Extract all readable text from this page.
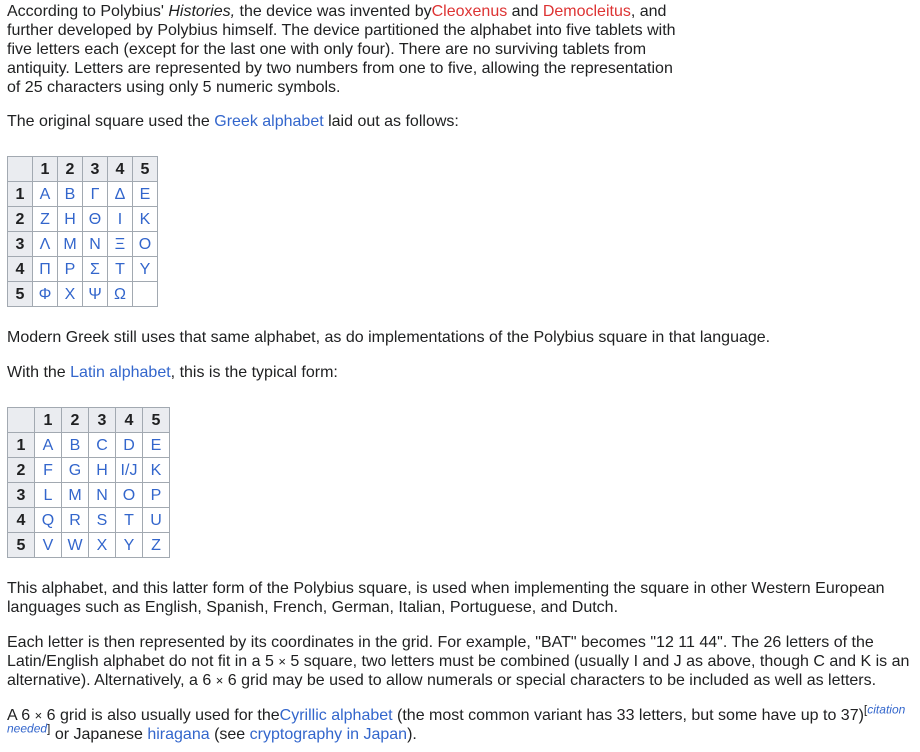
According to Polybius' Histories, the device was invented byCleoxenus and Democleitus, and further developed by Polybius himself. The device partitioned the alphabet into five tablets with five letters each (except for the last one with only four). There are no surviving tablets from antiquity. Letters are represented by two numbers from one to five, allowing the representation of 25 characters using only 5 numeric symbols.

The original square used the Greek alphabet laid out as follows:

	1	2	3	4	5
1	Α	Β	Γ	Δ	Ε
2	Ζ	Η	Θ	Ι	Κ
3	Λ	Μ	Ν	Ξ	Ο
4	Π	Ρ	Σ	Τ	Υ
5	Φ	Χ	Ψ	Ω	

Modern Greek still uses that same alphabet, as do implementations of the Polybius square in that language.

With the Latin alphabet, this is the typical form:

	1	2	3	4	5
1	A	B	C	D	E
2	F	G	H	I/J	K
3	L	M	N	O	P
4	Q	R	S	T	U
5	V	W	X	Y	Z

This alphabet, and this latter form of the Polybius square, is used when implementing the square in other Western European languages such as English, Spanish, French, German, Italian, Portuguese, and Dutch.

Each letter is then represented by its coordinates in the grid. For example, "BAT" becomes "12 11 44". The 26 letters of the Latin/English alphabet do not fit in a 5 × 5 square, two letters must be combined (usually I and J as above, though C and K is an alternative). Alternatively, a 6 × 6 grid may be used to allow numerals or special characters to be included as well as letters.

A 6 × 6 grid is also usually used for theCyrillic alphabet (the most common variant has 33 letters, but some have up to 37)[citation needed] or Japanese hiragana (see cryptography in Japan).
